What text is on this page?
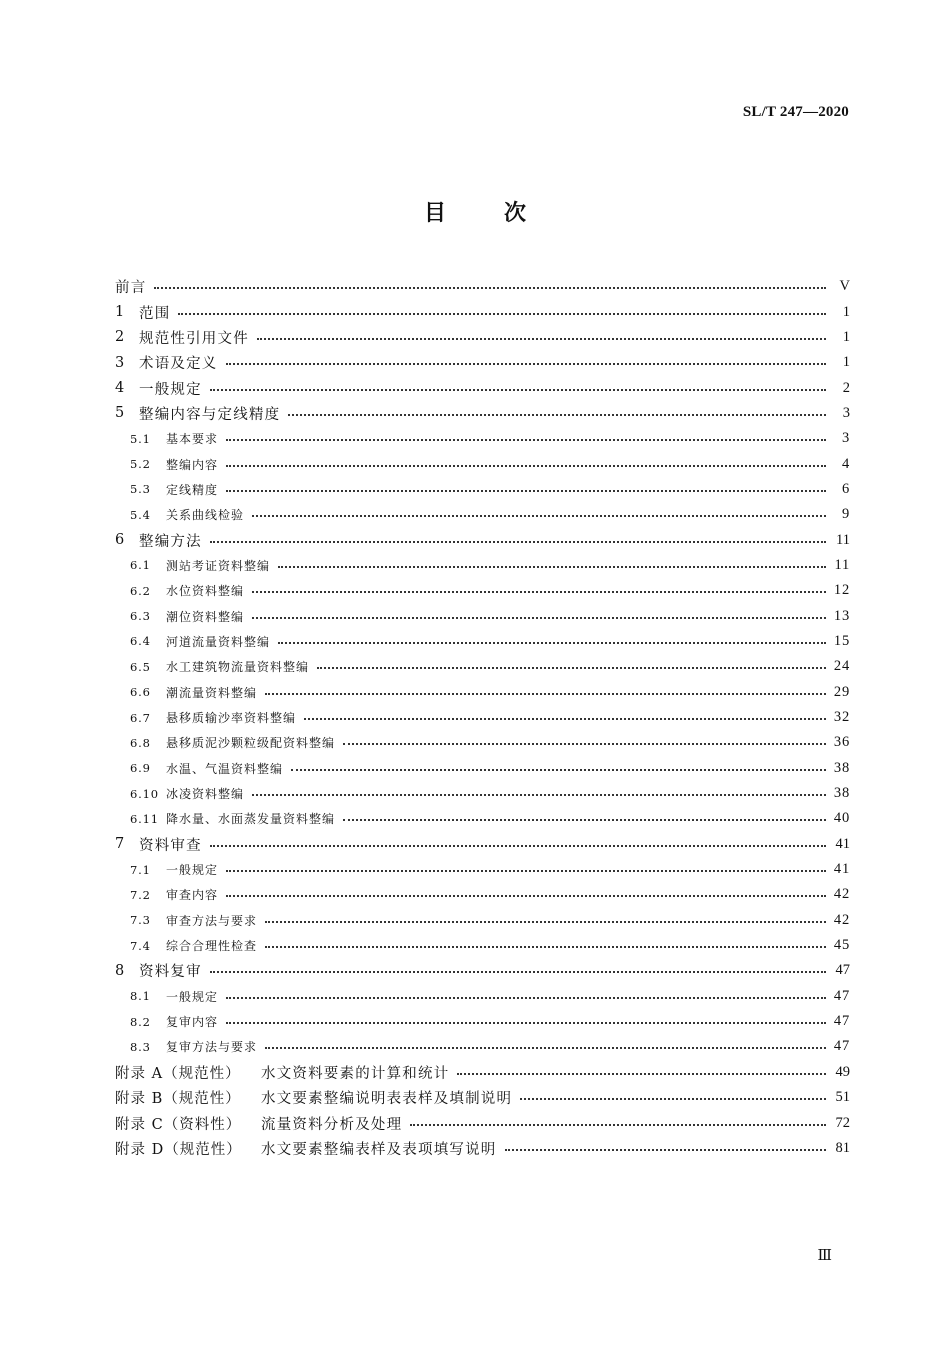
SL/T 247—2020
目次
前言	V
1	范围	1
2	规范性引用文件	1
3	术语及定义	1
4	一般规定	2
5	整编内容与定线精度	3
5.1	基本要求	3
5.2	整编内容	4
5.3	定线精度	6
5.4	关系曲线检验	9
6	整编方法	11
6.1	测站考证资料整编	11
6.2	水位资料整编	12
6.3	潮位资料整编	13
6.4	河道流量资料整编	15
6.5	水工建筑物流量资料整编	24
6.6	潮流量资料整编	29
6.7	悬移质输沙率资料整编	32
6.8	悬移质泥沙颗粒级配资料整编	36
6.9	水温、气温资料整编	38
6.10 冰凌资料整编	38
6.11 降水量、水面蒸发量资料整编	40
7	资料审查	41
7.1	一般规定	41
7.2	审查内容	42
7.3	审查方法与要求	42
7.4	综合合理性检查	45
8	资料复审	47
8.1	一般规定	47
8.2	复审内容	47
8.3	复审方法与要求	47
附录 A（规范性）	水文资料要素的计算和统计	49
附录 B（规范性）	水文要素整编说明表表样及填制说明	51
附录 C（资料性）	流量资料分析及处理	72
附录 D（规范性）	水文要素整编表样及表项填写说明	81
Ⅲ
